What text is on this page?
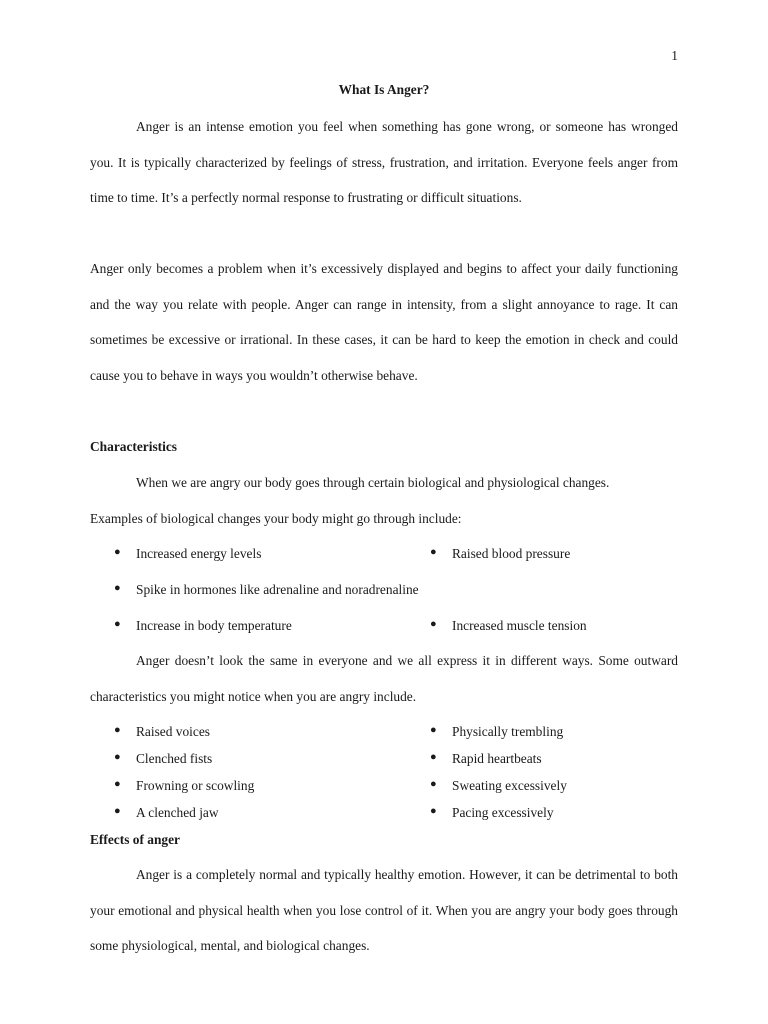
1
What Is Anger?

Anger is an intense emotion you feel when something has gone wrong, or someone has wronged you. It is typically characterized by feelings of stress, frustration, and irritation. Everyone feels anger from time to time. It’s a perfectly normal response to frustrating or difficult situations.

Anger only becomes a problem when it’s excessively displayed and begins to affect your daily functioning and the way you relate with people. Anger can range in intensity, from a slight annoyance to rage. It can sometimes be excessive or irrational. In these cases, it can be hard to keep the emotion in check and could cause you to behave in ways you wouldn’t otherwise behave.

Characteristics
When we are angry our body goes through certain biological and physiological changes.
Examples of biological changes your body might go through include:
● Increased energy levels	● Raised blood pressure
● Spike in hormones like adrenaline and noradrenaline
● Increase in body temperature	● Increased muscle tension

Anger doesn’t look the same in everyone and we all express it in different ways. Some outward characteristics you might notice when you are angry include.

● Raised voices	● Physically trembling
● Clenched fists	● Rapid heartbeats
● Frowning or scowling	● Sweating excessively
● A clenched jaw	● Pacing excessively
Effects of anger

Anger is a completely normal and typically healthy emotion. However, it can be detrimental to both your emotional and physical health when you lose control of it. When you are angry your body goes through some physiological, mental, and biological changes.
